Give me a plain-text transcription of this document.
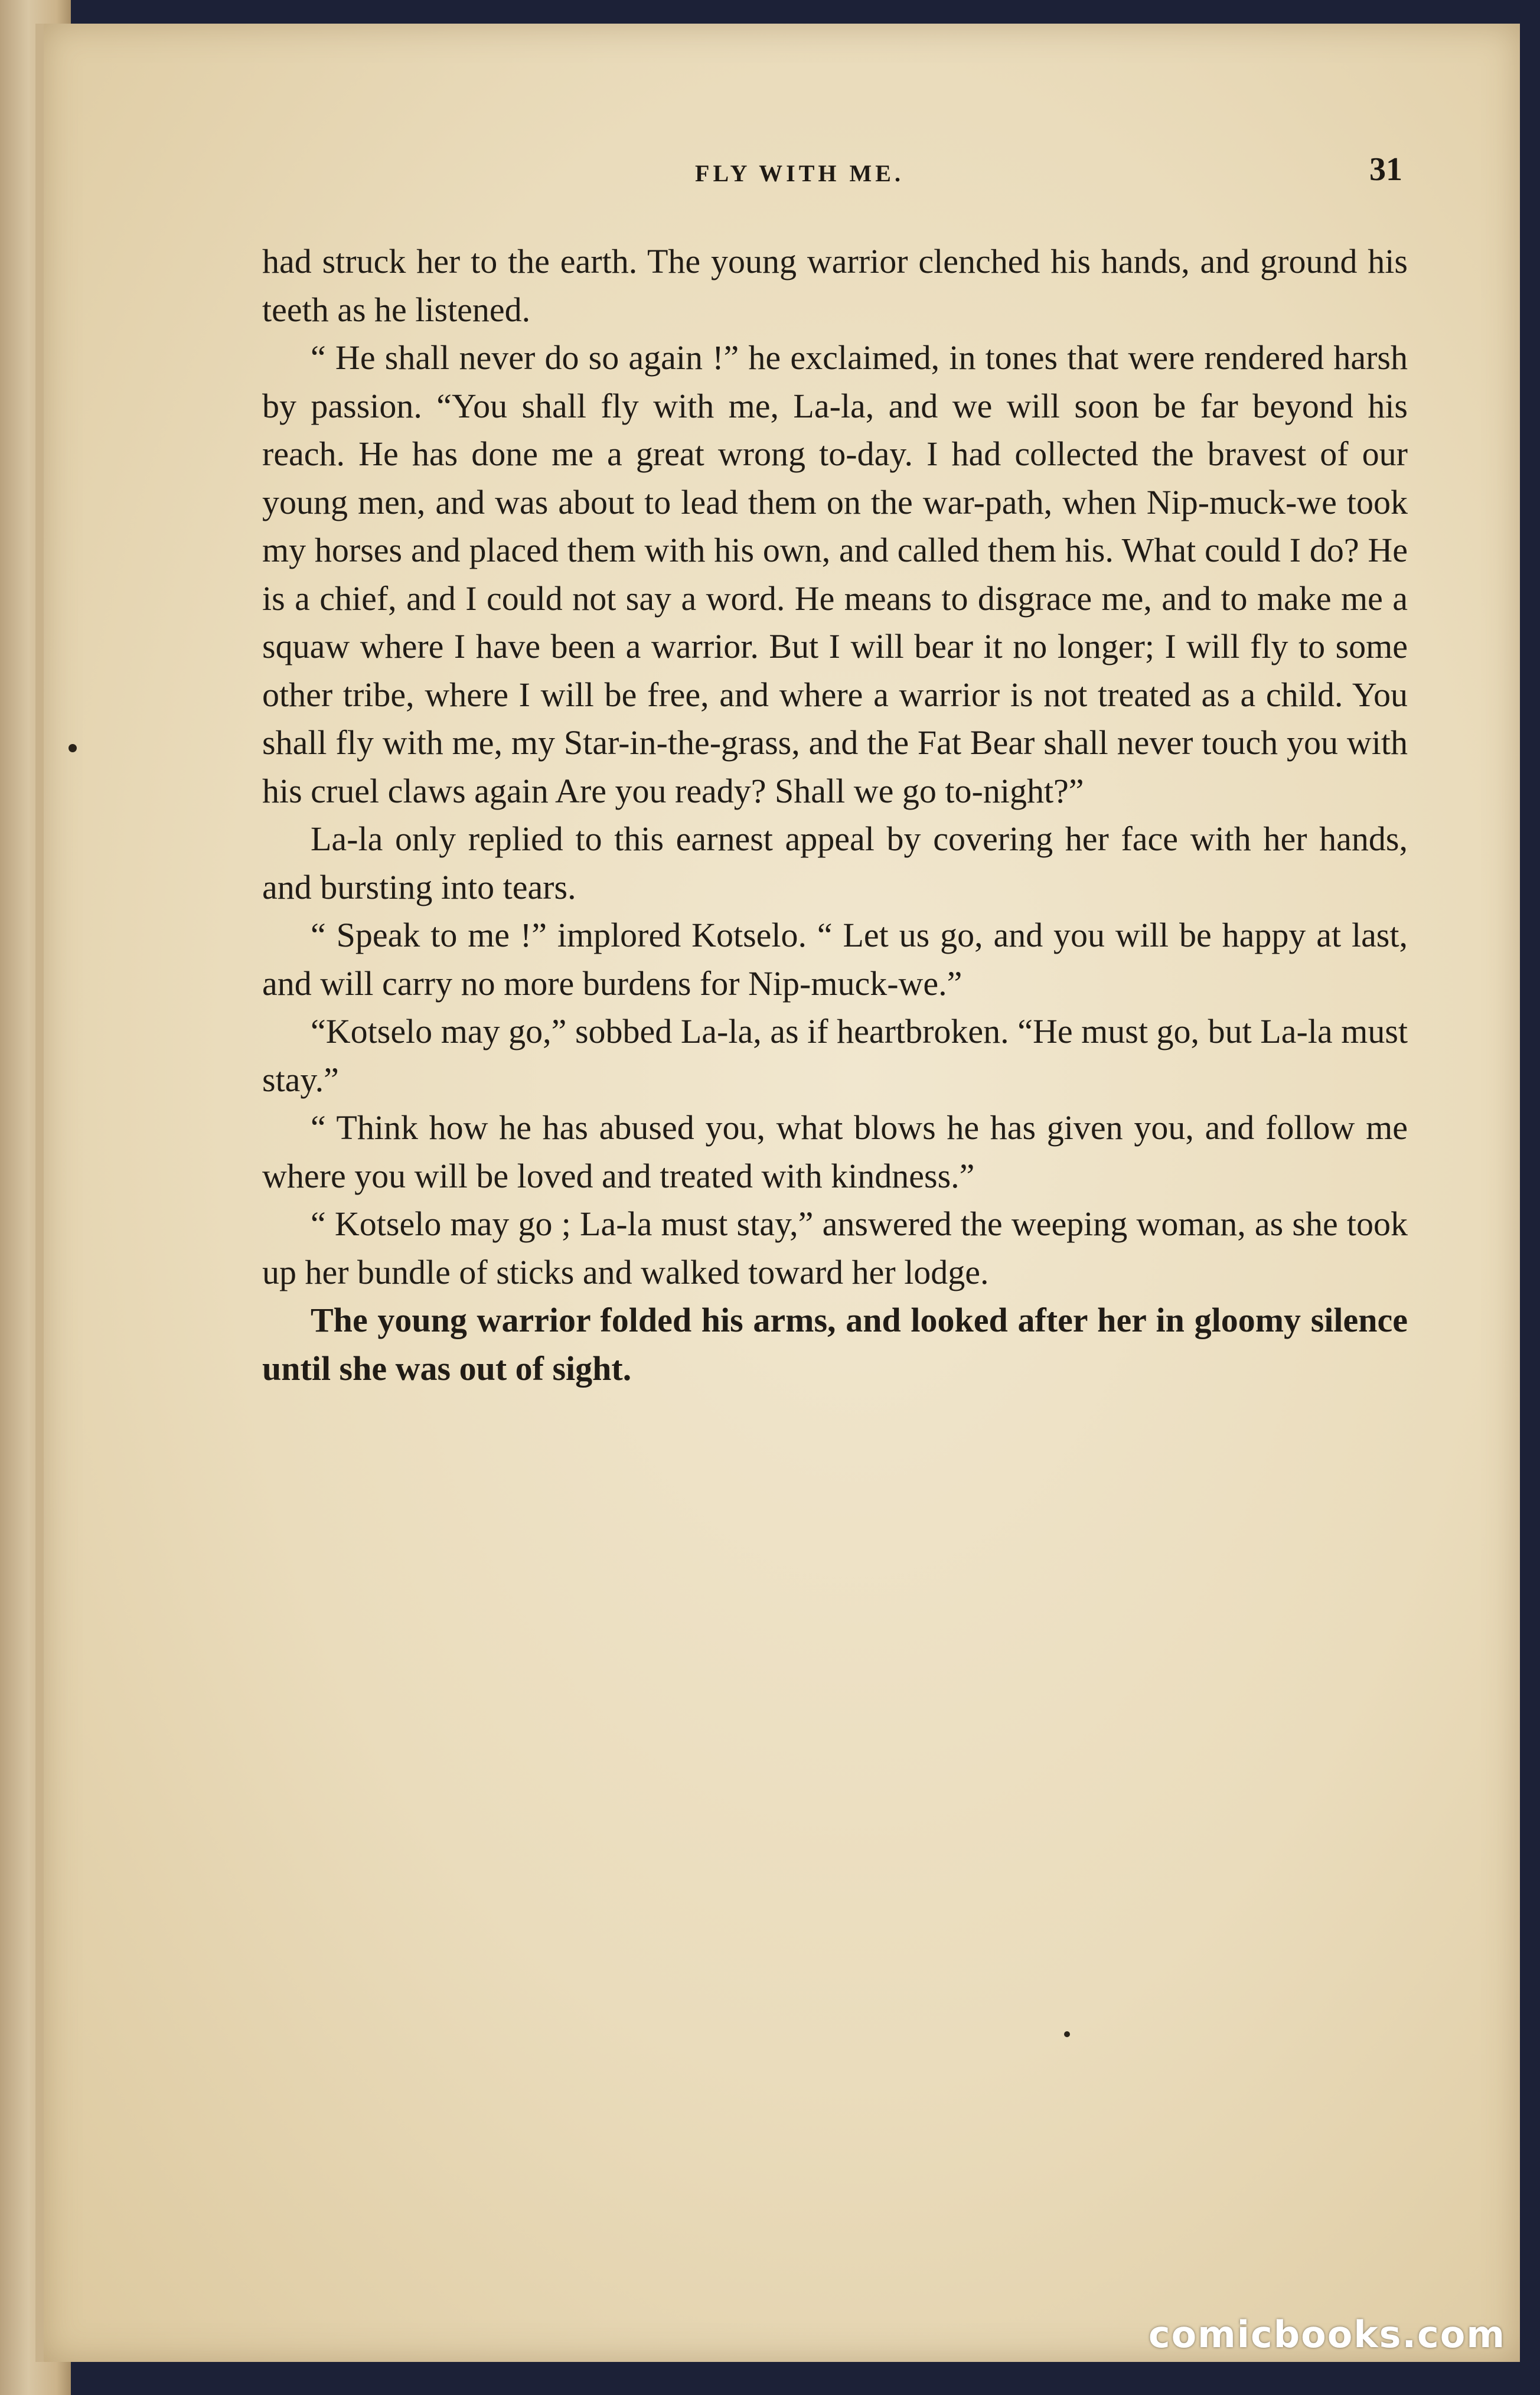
FLY WITH ME.	31

had struck her to the earth. The young warrior clenched his hands, and ground his teeth as he listened.

“ He shall never do so again !” he exclaimed, in tones that were rendered harsh by passion. “You shall fly with me, La-la, and we will soon be far beyond his reach. He has done me a great wrong to-day. I had collected the bravest of our young men, and was about to lead them on the war-path, when Nip-muck-we took my horses and placed them with his own, and called them his. What could I do? He is a chief, and I could not say a word. He means to disgrace me, and to make me a squaw where I have been a warrior. But I will bear it no longer; I will fly to some other tribe, where I will be free, and where a warrior is not treated as a child. You shall fly with me, my Star-in-the-grass, and the Fat Bear shall never touch you with his cruel claws again Are you ready? Shall we go to-night?”

La-la only replied to this earnest appeal by covering her face with her hands, and bursting into tears.

“ Speak to me !” implored Kotselo. “ Let us go, and you will be happy at last, and will carry no more burdens for Nip-muck-we.”

“Kotselo may go,” sobbed La-la, as if heartbroken. “He must go, but La-la must stay.”

“ Think how he has abused you, what blows he has given you, and follow me where you will be loved and treated with kindness.”

“ Kotselo may go ; La-la must stay,” answered the weeping woman, as she took up her bundle of sticks and walked toward her lodge.

The young warrior folded his arms, and looked after her in gloomy silence until she was out of sight.

comicbooks.com
